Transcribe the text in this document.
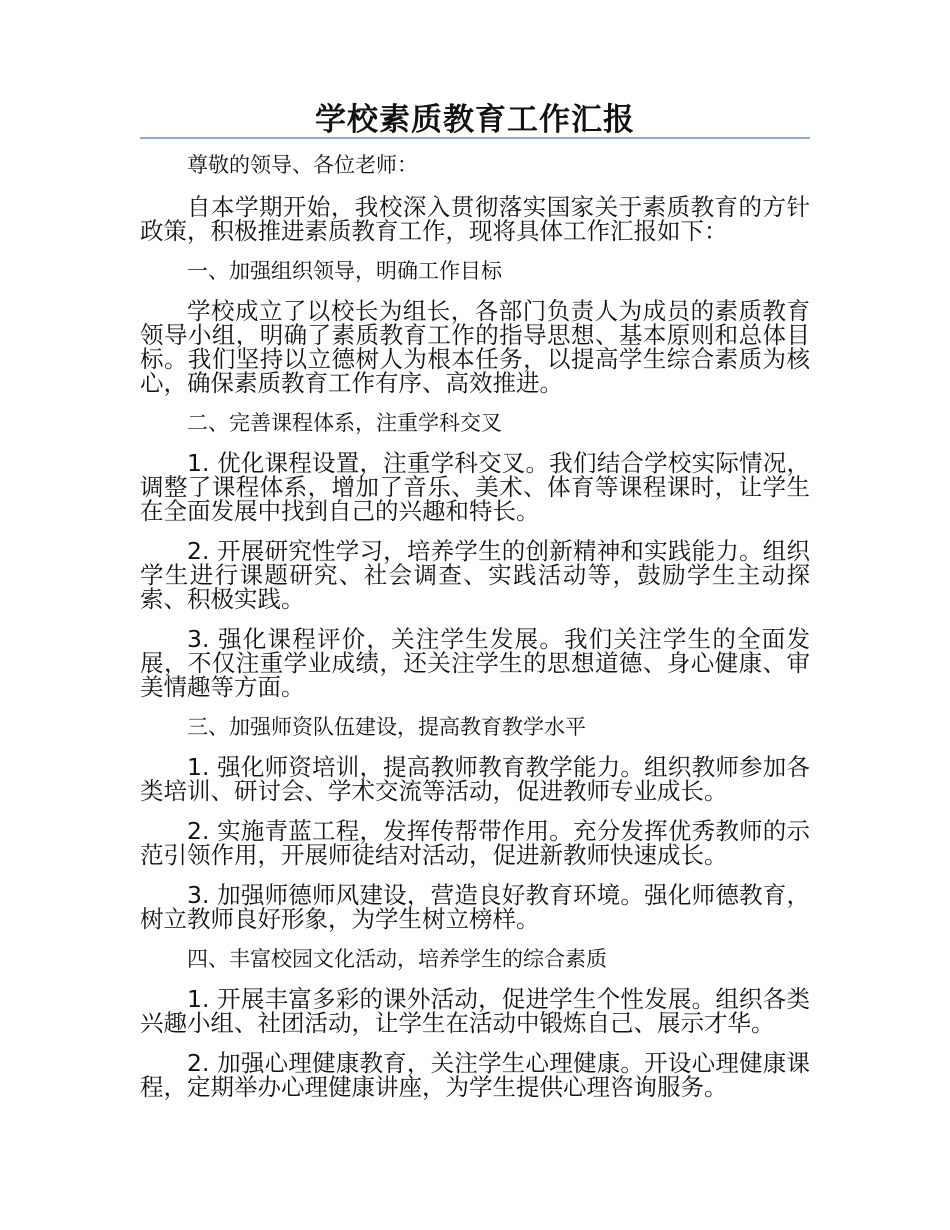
学校素质教育工作汇报

尊敬的领导、各位老师：

自本学期开始，我校深入贯彻落实国家关于素质教育的方针政策，积极推进素质教育工作，现将具体工作汇报如下：

一、加强组织领导，明确工作目标

学校成立了以校长为组长，各部门负责人为成员的素质教育领导小组，明确了素质教育工作的指导思想、基本原则和总体目标。我们坚持以立德树人为根本任务，以提高学生综合素质为核心，确保素质教育工作有序、高效推进。

二、完善课程体系，注重学科交叉

1. 优化课程设置，注重学科交叉。我们结合学校实际情况，调整了课程体系，增加了音乐、美术、体育等课程课时，让学生在全面发展中找到自己的兴趣和特长。

2. 开展研究性学习，培养学生的创新精神和实践能力。组织学生进行课题研究、社会调查、实践活动等，鼓励学生主动探索、积极实践。

3. 强化课程评价，关注学生发展。我们关注学生的全面发展，不仅注重学业成绩，还关注学生的思想道德、身心健康、审美情趣等方面。

三、加强师资队伍建设，提高教育教学水平

1. 强化师资培训，提高教师教育教学能力。组织教师参加各类培训、研讨会、学术交流等活动，促进教师专业成长。

2. 实施青蓝工程，发挥传帮带作用。充分发挥优秀教师的示范引领作用，开展师徒结对活动，促进新教师快速成长。

3. 加强师德师风建设，营造良好教育环境。强化师德教育，树立教师良好形象，为学生树立榜样。

四、丰富校园文化活动，培养学生的综合素质

1. 开展丰富多彩的课外活动，促进学生个性发展。组织各类兴趣小组、社团活动，让学生在活动中锻炼自己、展示才华。

2. 加强心理健康教育，关注学生心理健康。开设心理健康课程，定期举办心理健康讲座，为学生提供心理咨询服务。
